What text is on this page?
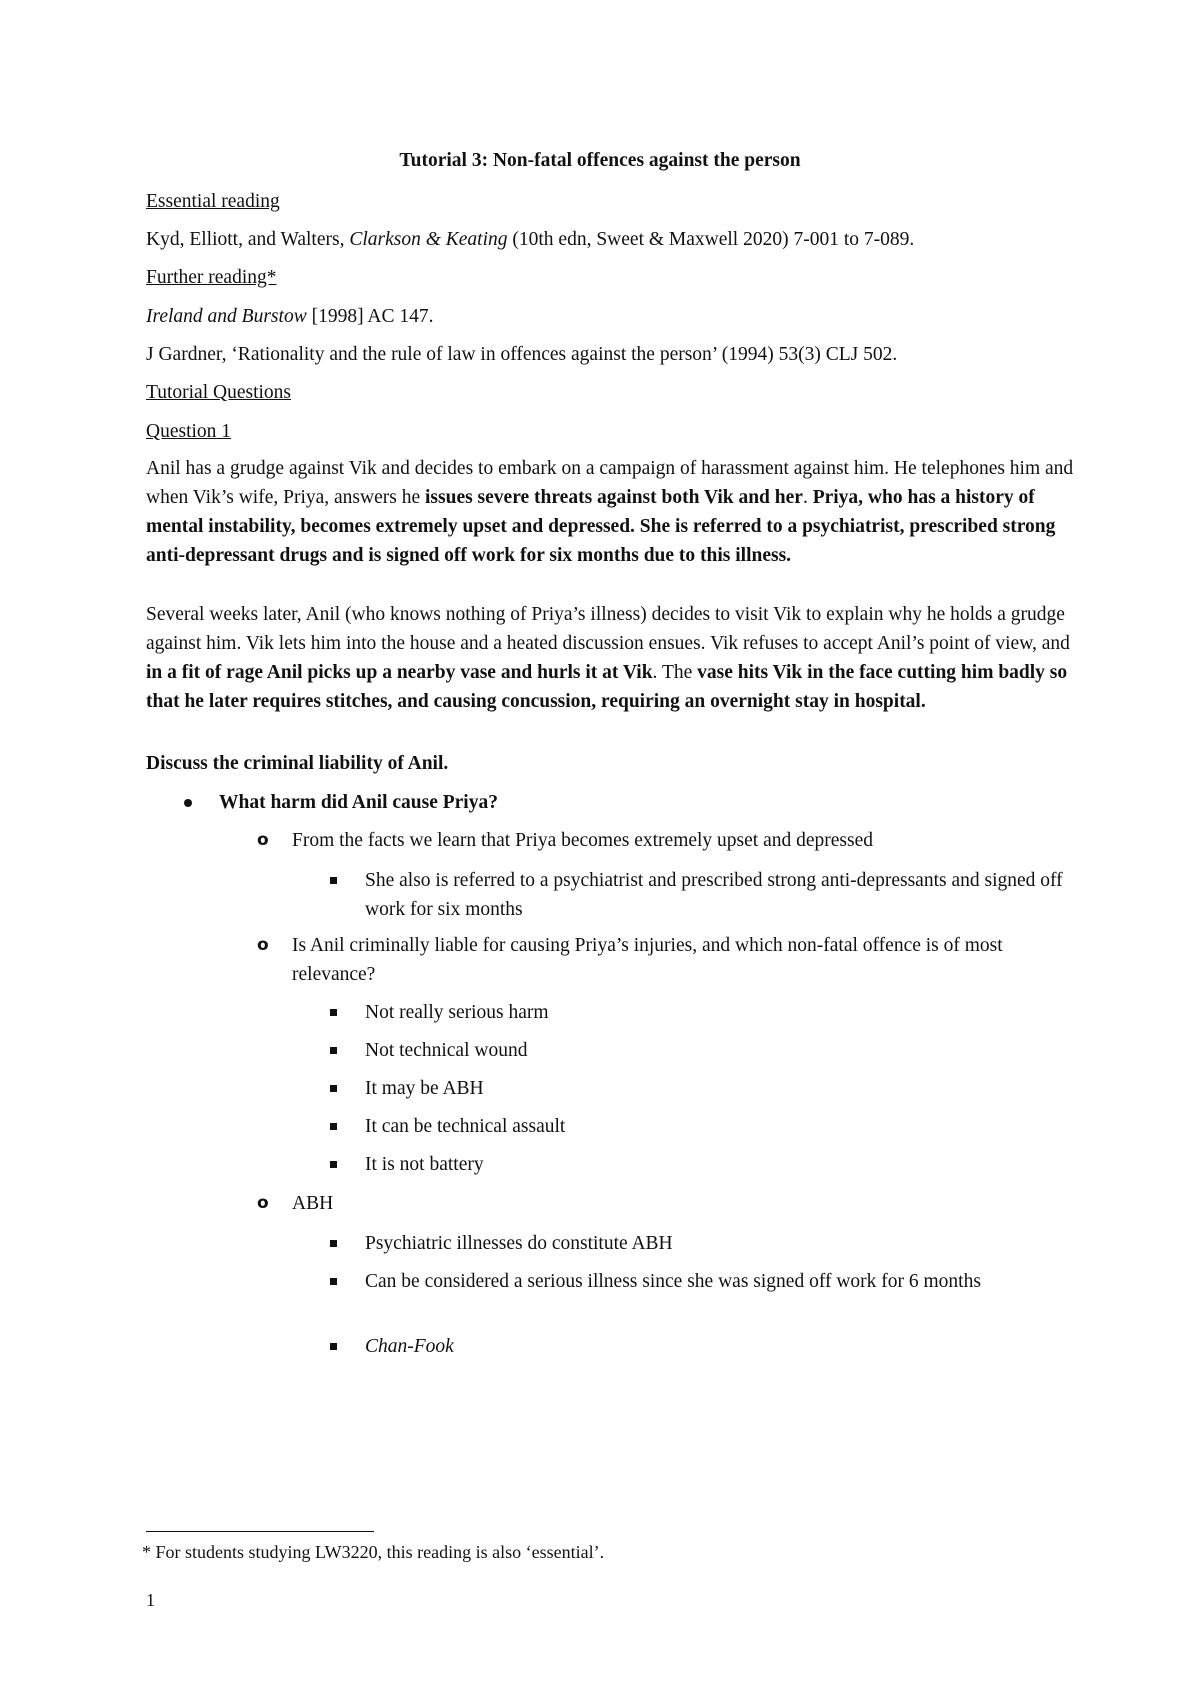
Tutorial 3: Non-fatal offences against the person

Essential reading

Kyd, Elliott, and Walters, Clarkson & Keating (10th edn, Sweet & Maxwell 2020) 7-001 to 7-089.

Further reading*

Ireland and Burstow [1998] AC 147.

J Gardner, ‘Rationality and the rule of law in offences against the person’ (1994) 53(3) CLJ 502.

Tutorial Questions

Question 1

Anil has a grudge against Vik and decides to embark on a campaign of harassment against him. He telephones him and when Vik’s wife, Priya, answers he issues severe threats against both Vik and her. Priya, who has a history of mental instability, becomes extremely upset and depressed. She is referred to a psychiatrist, prescribed strong anti-depressant drugs and is signed off work for six months due to this illness.

Several weeks later, Anil (who knows nothing of Priya’s illness) decides to visit Vik to explain why he holds a grudge against him. Vik lets him into the house and a heated discussion ensues. Vik refuses to accept Anil’s point of view, and in a fit of rage Anil picks up a nearby vase and hurls it at Vik. The vase hits Vik in the face cutting him badly so that he later requires stitches, and causing concussion, requiring an overnight stay in hospital.

Discuss the criminal liability of Anil.

What harm did Anil cause Priya?
o From the facts we learn that Priya becomes extremely upset and depressed
She also is referred to a psychiatrist and prescribed strong anti-depressants and signed off work for six months
o Is Anil criminally liable for causing Priya’s injuries, and which non-fatal offence is of most relevance?
Not really serious harm
Not technical wound
It may be ABH
It can be technical assault
It is not battery
o ABH
Psychiatric illnesses do constitute ABH
Can be considered a serious illness since she was signed off work for 6 months
Chan-Fook

* For students studying LW3220, this reading is also ‘essential’.

1
